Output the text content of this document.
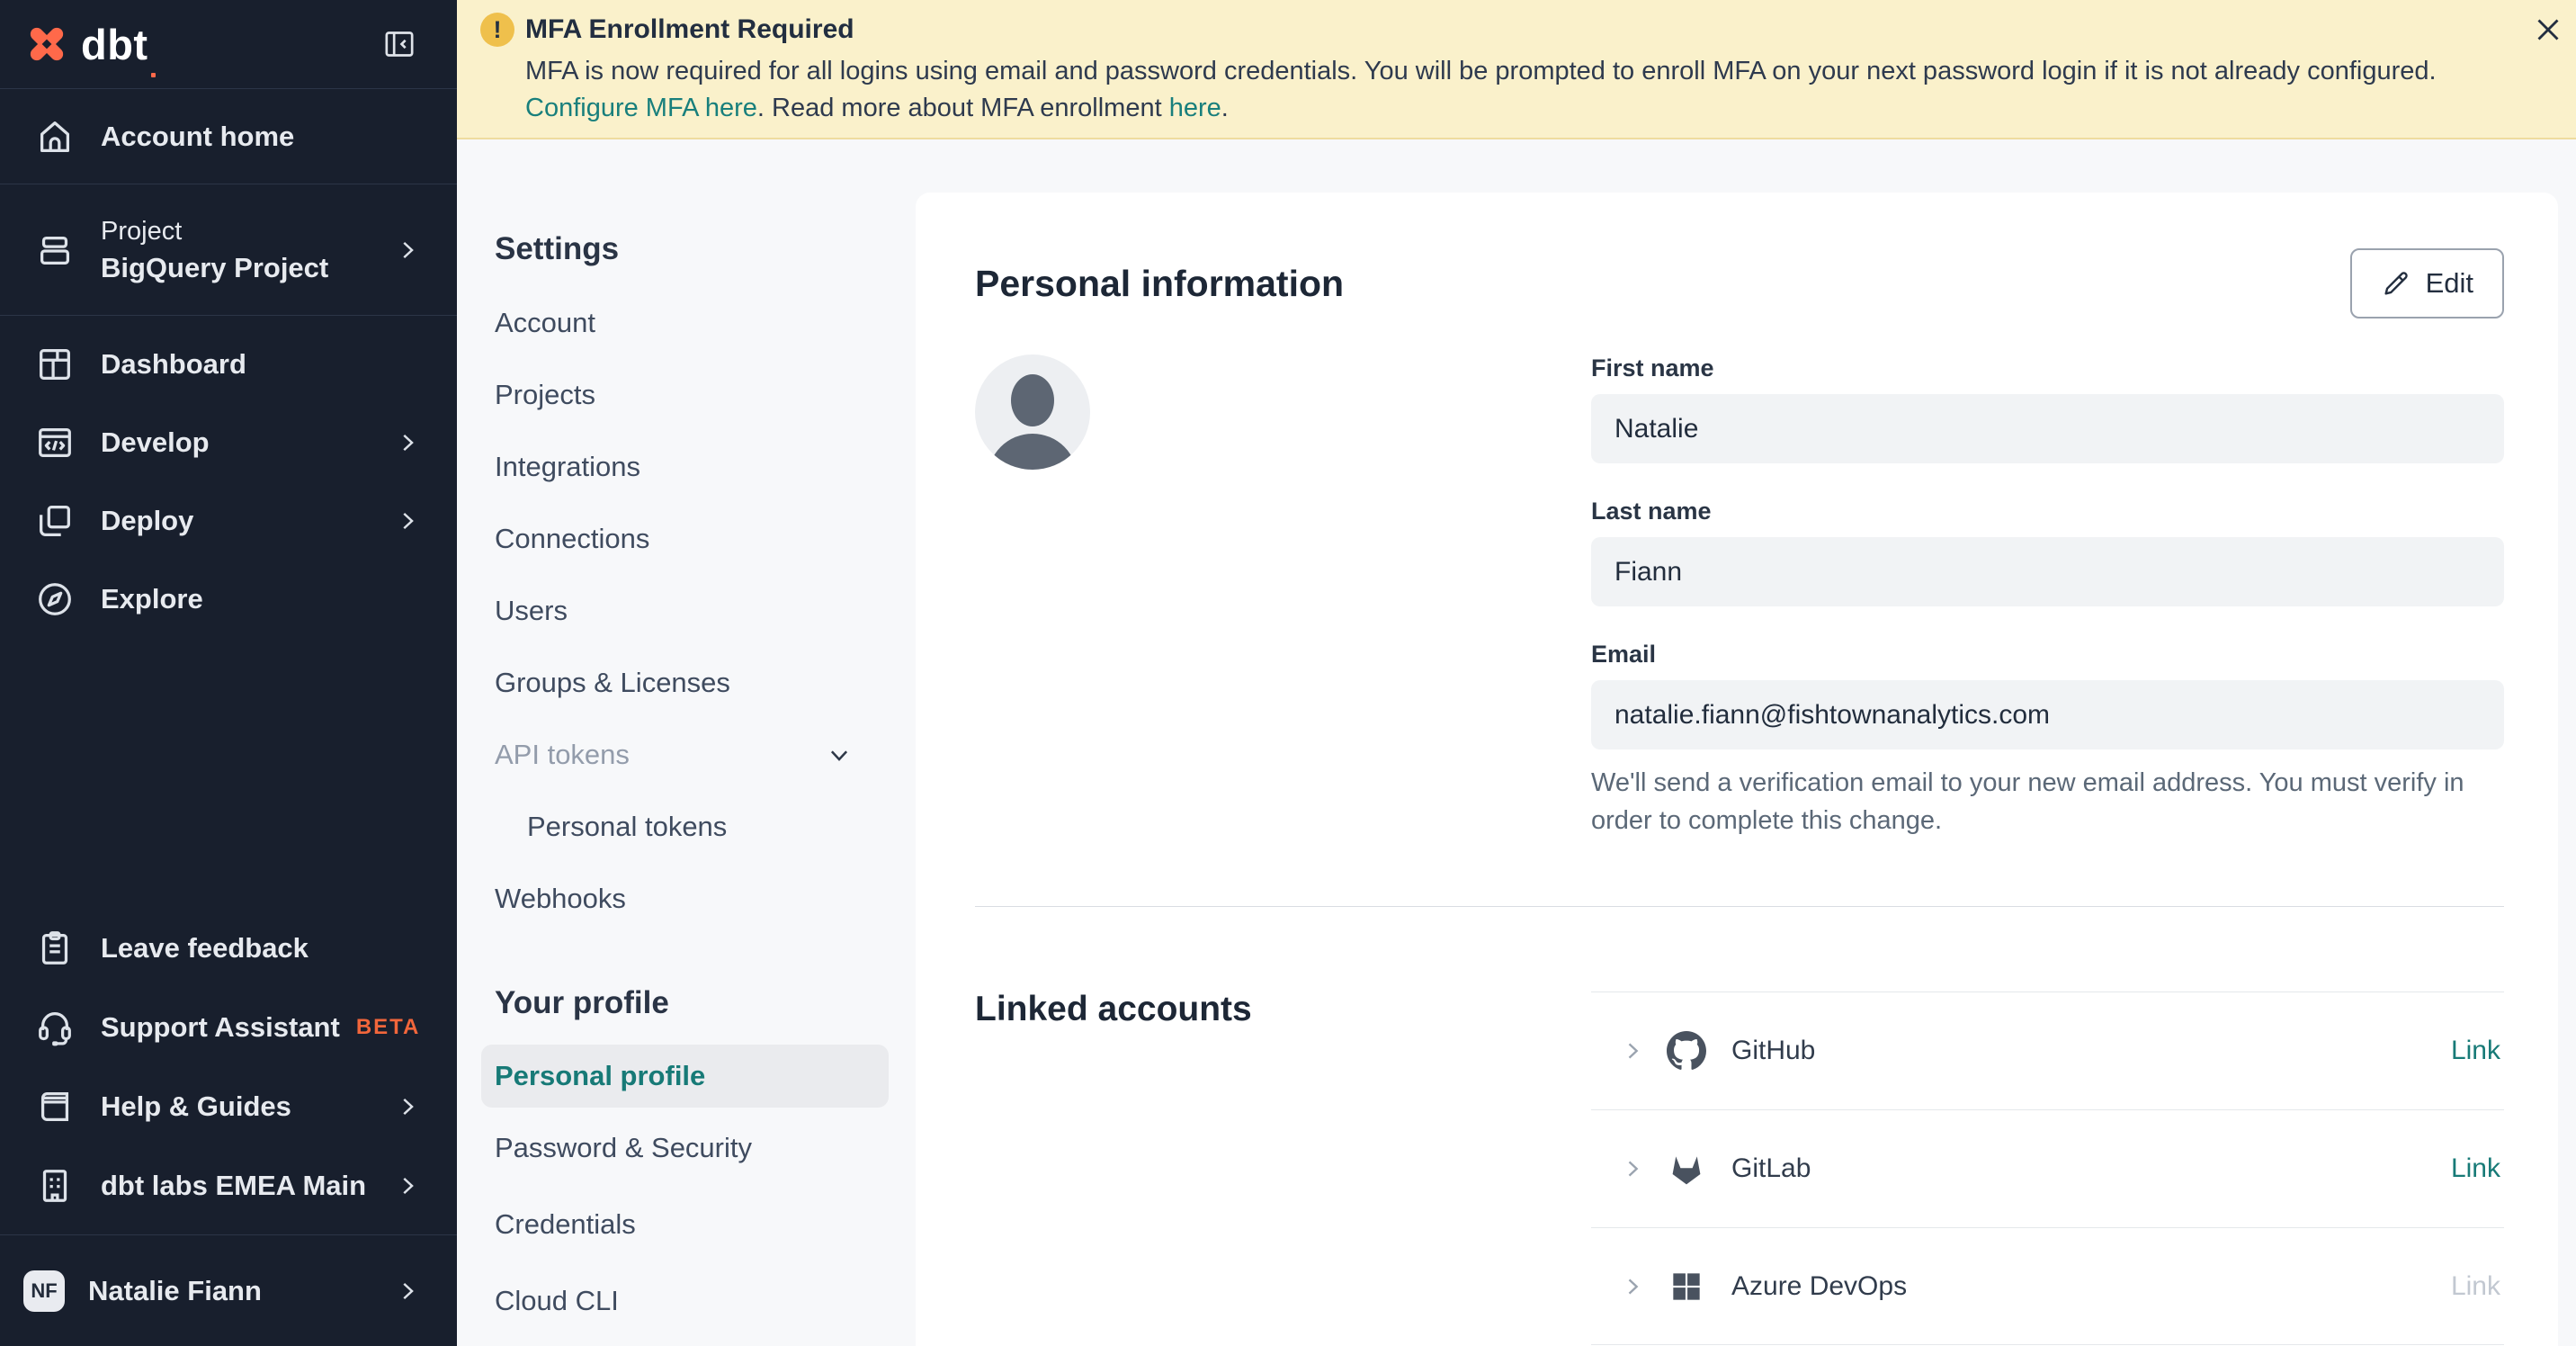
dbt
Account home
Project
BigQuery Project
Dashboard
Develop
Deploy
Explore
Leave feedback
Support Assistant BETA
Help & Guides
dbt labs EMEA Main
NF Natalie Fiann
! MFA Enrollment Required
MFA is now required for all logins using email and password credentials. You will be prompted to enroll MFA on your next password login if it is not already configured. Configure MFA here. Read more about MFA enrollment here.
Settings
Account
Projects
Integrations
Connections
Users
Groups & Licenses
API tokens
Personal tokens
Webhooks
Your profile
Personal profile
Password & Security
Credentials
Cloud CLI
Personal information	Edit
First name
Natalie
Last name
Fiann
Email
natalie.fiann@fishtownanalytics.com

We'll send a verification email to your new email address. You must verify in order to complete this change.

Linked accounts
GitHub	Link
GitLab	Link
Azure DevOps	Link
